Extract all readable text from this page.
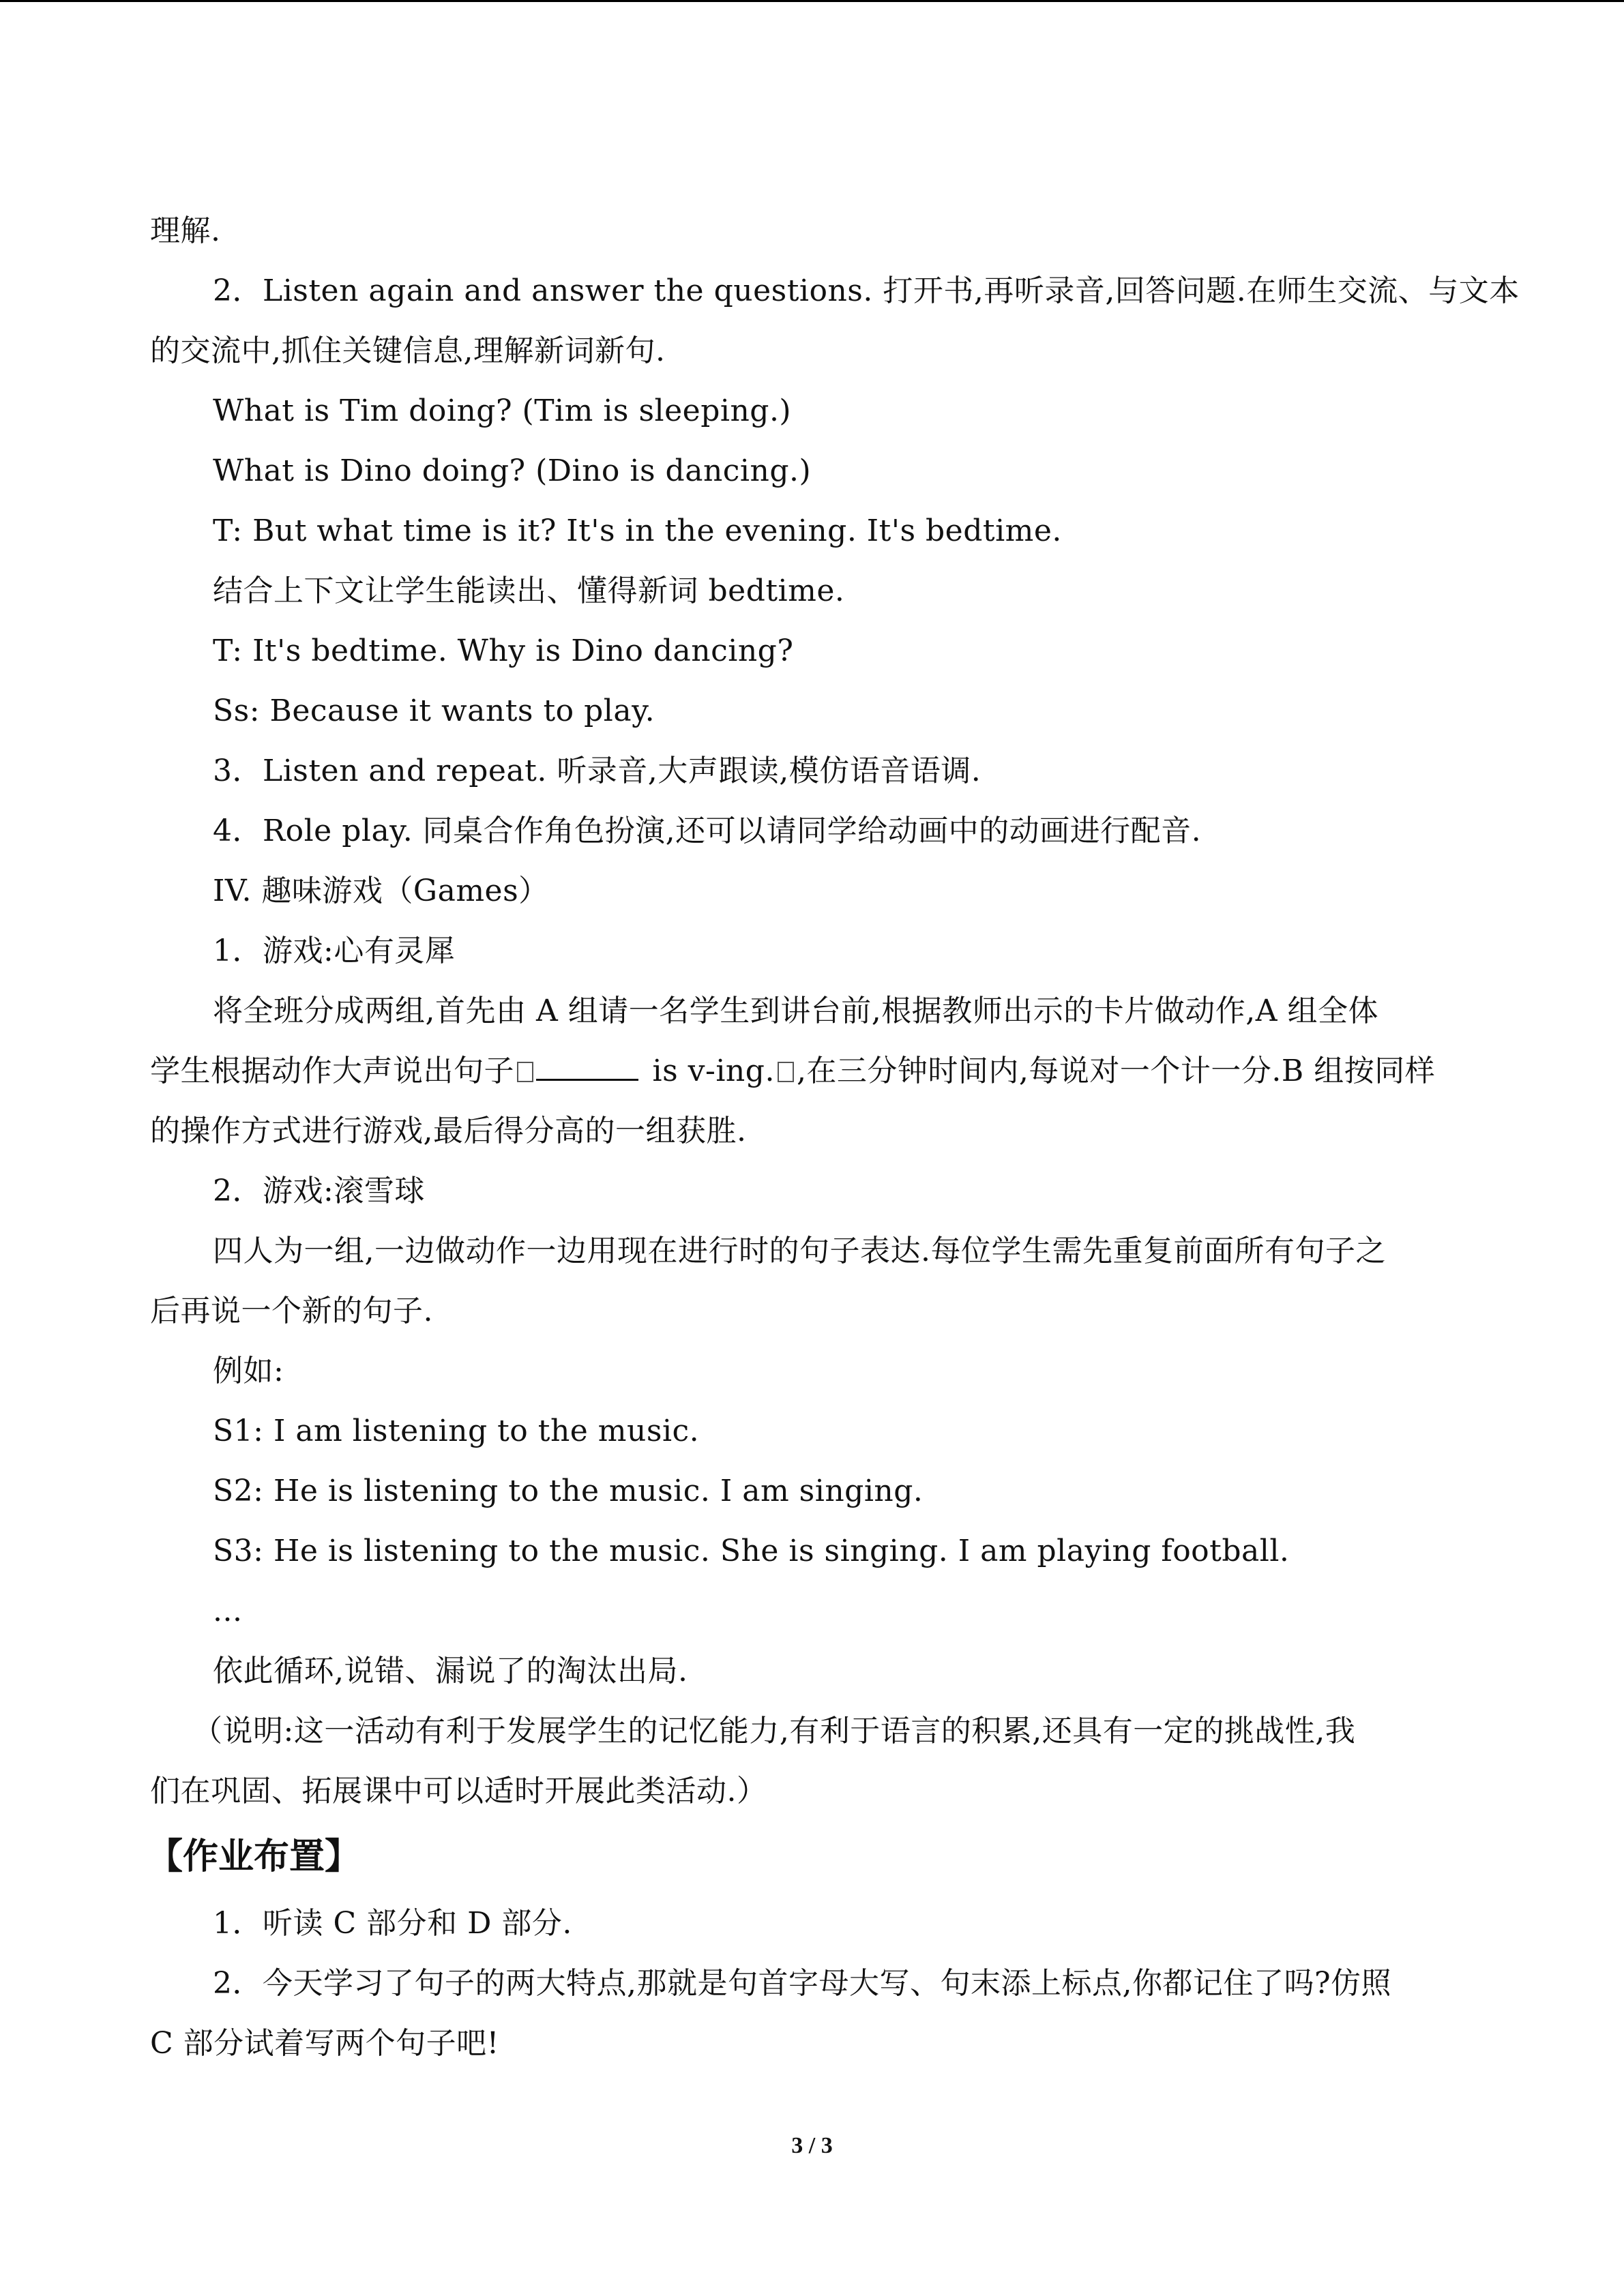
理解.
2．Listen again and answer the questions. 打开书,再听录音,回答问题.在师生交流、与文本
的交流中,抓住关键信息,理解新词新句.
What is Tim doing? (Tim is sleeping.)
What is Dino doing? (Dino is dancing.)
T: But what time is it? It's in the evening. It's bedtime.
结合上下文让学生能读出、懂得新词 bedtime.
T: It's bedtime. Why is Dino dancing?
Ss: Because it wants to play.
3．Listen and repeat. 听录音,大声跟读,模仿语音语调.
4．Role play. 同桌合作角色扮演,还可以请同学给动画中的动画进行配音.
IV. 趣味游戏（Games）
1．游戏:心有灵犀
将全班分成两组,首先由 A 组请一名学生到讲台前,根据教师出示的卡片做动作,A 组全体
学生根据动作大声说出句子	is v-ing. ,在三分钟时间内,每说对一个计一分.B 组按同样
的操作方式进行游戏,最后得分高的一组获胜.
2．游戏:滚雪球
四人为一组,一边做动作一边用现在进行时的句子表达.每位学生需先重复前面所有句子之
后再说一个新的句子.
例如:
S1: I am listening to the music.
S2: He is listening to the music. I am singing.
S3: He is listening to the music. She is singing. I am playing football.
...
依此循环,说错、漏说了的淘汰出局.
（说明:这一活动有利于发展学生的记忆能力,有利于语言的积累,还具有一定的挑战性,我
们在巩固、拓展课中可以适时开展此类活动.）
【作业布置】
1．听读 C 部分和 D 部分.
2．今天学习了句子的两大特点,那就是句首字母大写、句末添上标点,你都记住了吗?仿照
C 部分试着写两个句子吧!
3 / 3
